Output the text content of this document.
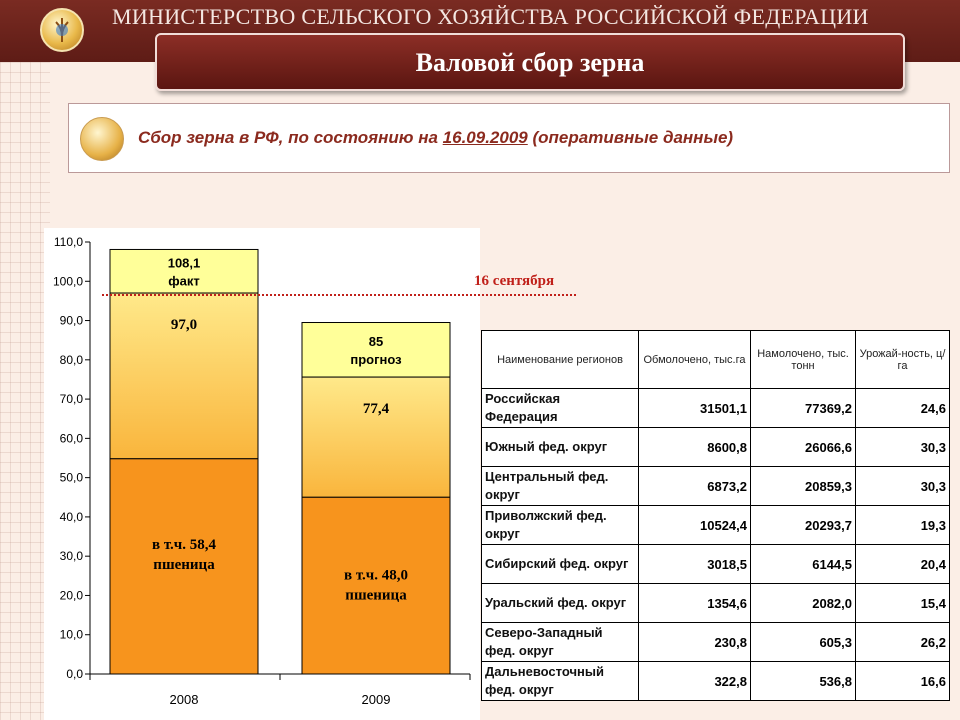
МИНИСТЕРСТВО СЕЛЬСКОГО ХОЗЯЙСТВА РОССИЙСКОЙ ФЕДЕРАЦИИ
Валовой сбор зерна
Сбор зерна в РФ, по состоянию на 16.09.2009 (оперативные данные)
0,0
10,0
20,0
30,0
40,0
50,0
60,0
70,0
80,0
90,0
100,0
110,0
108,1
факт
97,0
в т.ч. 58,4
пшеница
2008
85
прогноз
77,4
в т.ч. 48,0
пшеница
2009
16 сентября
Наименование регионов	Обмолочено, тыс.га	Намолочено, тыс. тонн	Урожай-ность, ц/га
Российская Федерация	31501,1	77369,2	24,6
Южный фед. округ	8600,8	26066,6	30,3
Центральный фед. округ	6873,2	20859,3	30,3
Приволжский фед. округ	10524,4	20293,7	19,3
Сибирский фед. округ	3018,5	6144,5	20,4
Уральский фед. округ	1354,6	2082,0	15,4
Северо-Западный фед. округ	230,8	605,3	26,2
Дальневосточный фед. округ	322,8	536,8	16,6
